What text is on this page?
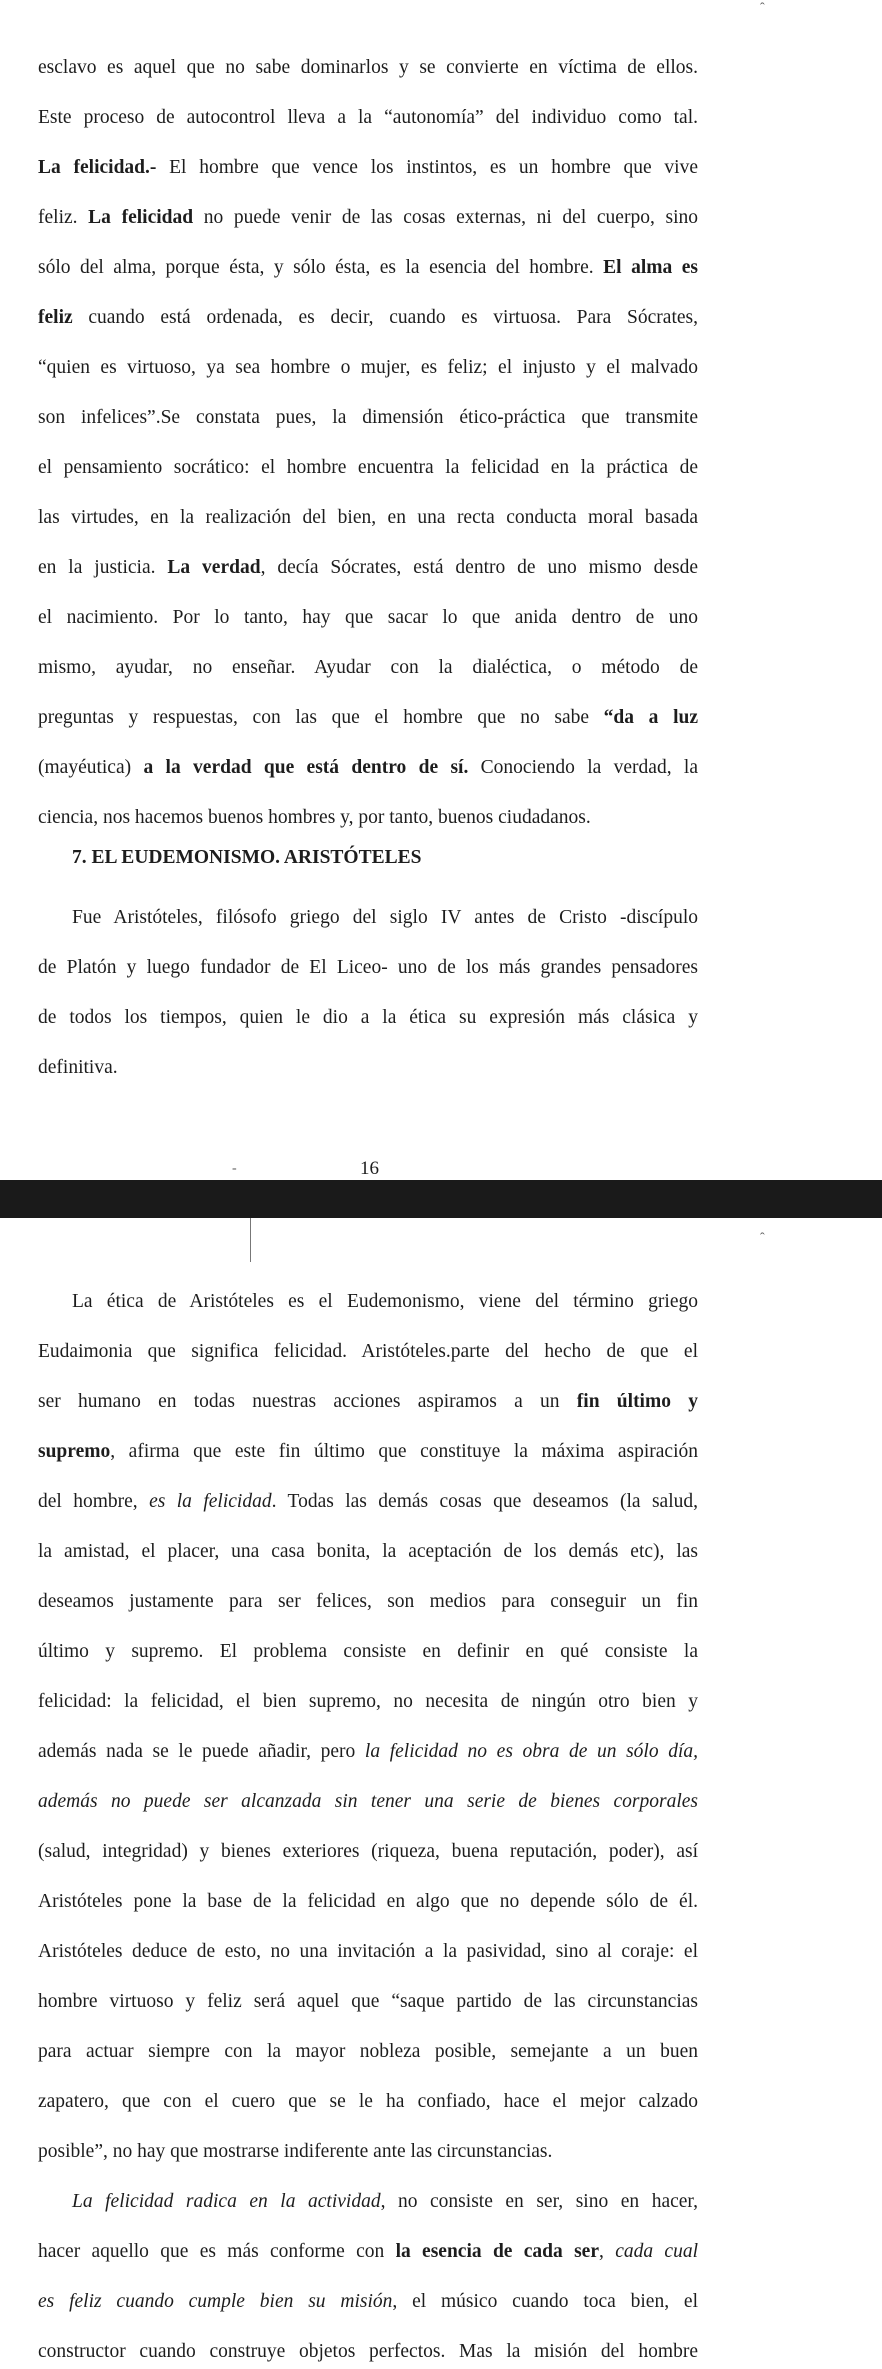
ˆ
esclavo es aquel que no sabe dominarlos y se convierte en víctima de ellos.
Este proceso de autocontrol lleva a la “autonomía” del individuo como tal.
La felicidad.- El hombre que vence los instintos, es un hombre que vive
feliz. La felicidad no puede venir de las cosas externas, ni del cuerpo, sino
sólo del alma, porque ésta, y sólo ésta, es la esencia del hombre. El alma es
feliz cuando está ordenada, es decir, cuando es virtuosa. Para Sócrates,
“quien es virtuoso, ya sea hombre o mujer, es feliz; el injusto y el malvado
son infelices”.Se constata pues, la dimensión ético-práctica que transmite
el pensamiento socrático: el hombre encuentra la felicidad en la práctica de
las virtudes, en la realización del bien, en una recta conducta moral basada
en la justicia. La verdad, decía Sócrates, está dentro de uno mismo desde
el nacimiento. Por lo tanto, hay que sacar lo que anida dentro de uno
mismo, ayudar, no enseñar. Ayudar con la dialéctica, o método de
preguntas y respuestas, con las que el hombre que no sabe “da a luz
(mayéutica) a la verdad que está dentro de sí. Conociendo la verdad, la
ciencia, nos hacemos buenos hombres y, por tanto, buenos ciudadanos.
7. EL EUDEMONISMO. ARISTÓTELES
Fue Aristóteles, filósofo griego del siglo IV antes de Cristo -discípulo
de Platón y luego fundador de El Liceo- uno de los más grandes pensadores
de todos los tiempos, quien le dio a la ética su expresión más clásica y
definitiva.
-	16
ˆ
La ética de Aristóteles es el Eudemonismo, viene del término griego
Eudaimonia que significa felicidad. Aristóteles.parte del hecho de que el
ser humano en todas nuestras acciones aspiramos a un fin último y
supremo, afirma que este fin último que constituye la máxima aspiración
del hombre, es la felicidad. Todas las demás cosas que deseamos (la salud,
la amistad, el placer, una casa bonita, la aceptación de los demás etc), las
deseamos justamente para ser felices, son medios para conseguir un fin
último y supremo. El problema consiste en definir en qué consiste la
felicidad: la felicidad, el bien supremo, no necesita de ningún otro bien y
además nada se le puede añadir, pero la felicidad no es obra de un sólo día,
además no puede ser alcanzada sin tener una serie de bienes corporales
(salud, integridad) y bienes exteriores (riqueza, buena reputación, poder), así
Aristóteles pone la base de la felicidad en algo que no depende sólo de él.
Aristóteles deduce de esto, no una invitación a la pasividad, sino al coraje: el
hombre virtuoso y feliz será aquel que “saque partido de las circunstancias
para actuar siempre con la mayor nobleza posible, semejante a un buen
zapatero, que con el cuero que se le ha confiado, hace el mejor calzado
posible”, no hay que mostrarse indiferente ante las circunstancias.
La felicidad radica en la actividad, no consiste en ser, sino en hacer,
hacer aquello que es más conforme con la esencia de cada ser, cada cual
es feliz cuando cumple bien su misión, el músico cuando toca bien, el
constructor cuando construye objetos perfectos. Mas la misión del hombre
